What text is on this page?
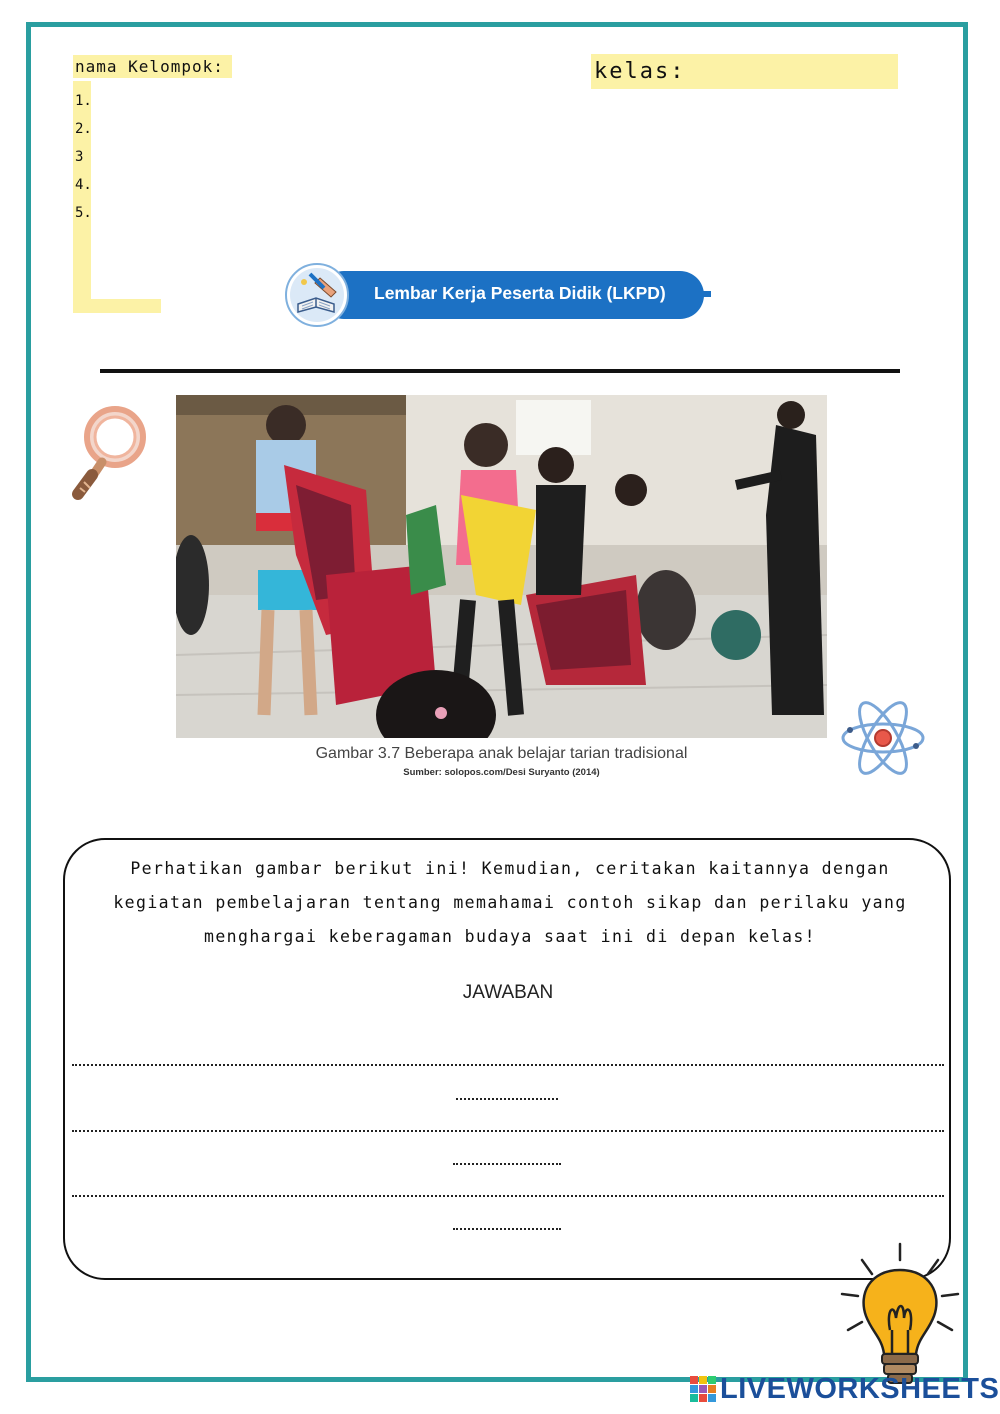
nama Kelompok:
1.
2.
3
4.
5.
kelas:
Lembar Kerja Peserta Didik (LKPD)
Gambar 3.7 Beberapa anak belajar tarian tradisional
Sumber: solopos.com/Desi Suryanto (2014)

Perhatikan gambar berikut ini! Kemudian, ceritakan kaitannya dengan kegiatan pembelajaran tentang memahamai contoh sikap dan perilaku yang menghargai keberagaman budaya saat ini di depan kelas!

JAWABAN
LIVEWORKSHEETS
